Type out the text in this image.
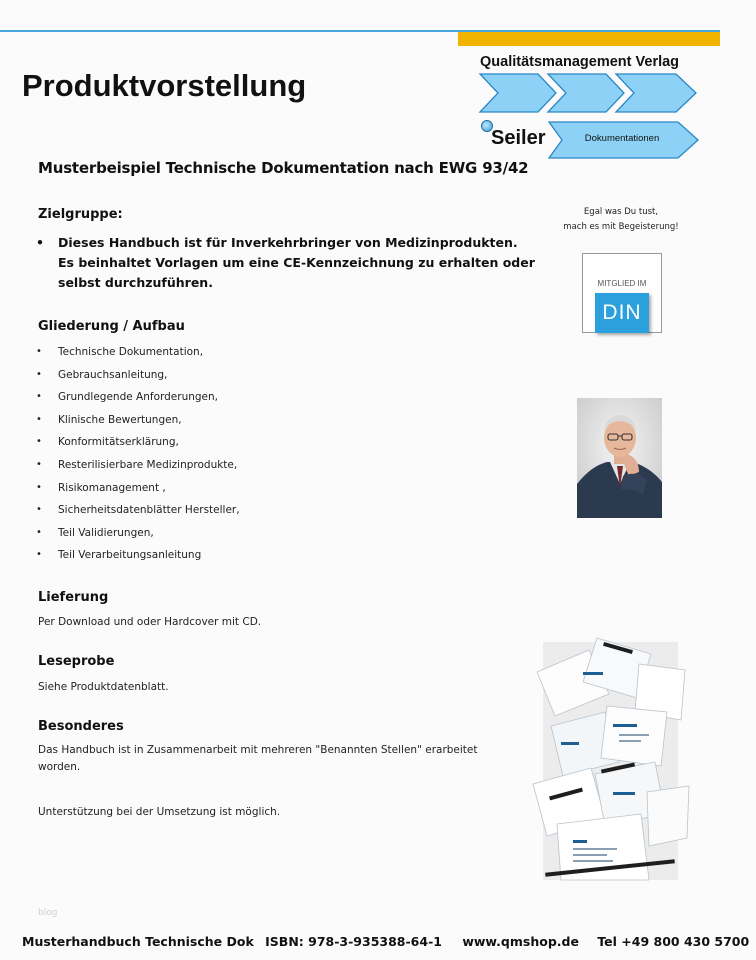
Produktvorstellung
Qualitätsmanagement Verlag
Seiler	Dokumentationen
Musterbeispiel Technische Dokumentation nach EWG 93/42
Zielgruppe:
• Dieses Handbuch ist für Inverkehrbringer von Medizinprodukten. Es beinhaltet Vorlagen um eine CE-Kennzeichnung zu erhalten oder selbst durchzuführen.
Gliederung / Aufbau
• Technische Dokumentation,
• Gebrauchsanleitung,
• Grundlegende Anforderungen,
• Klinische Bewertungen,
• Konformitätserklärung,
• Resterilisierbare Medizinprodukte,
• Risikomanagement ,
• Sicherheitsdatenblätter Hersteller,
• Teil Validierungen,
• Teil Verarbeitungsanleitung
Lieferung
Per Download und oder Hardcover mit CD.
Leseprobe
Siehe Produktdatenblatt.
Besonderes
Das Handbuch ist in Zusammenarbeit mit mehreren "Benannten Stellen" erarbeitet worden.
Unterstützung bei der Umsetzung ist möglich.
Egal was Du tust,
mach es mit Begeisterung!
MITGLIED IM
DIN
blog
Musterhandbuch Technische Dok ISBN: 978-3-935388-64-1 www.qmshop.de Tel +49 800 430 5700
